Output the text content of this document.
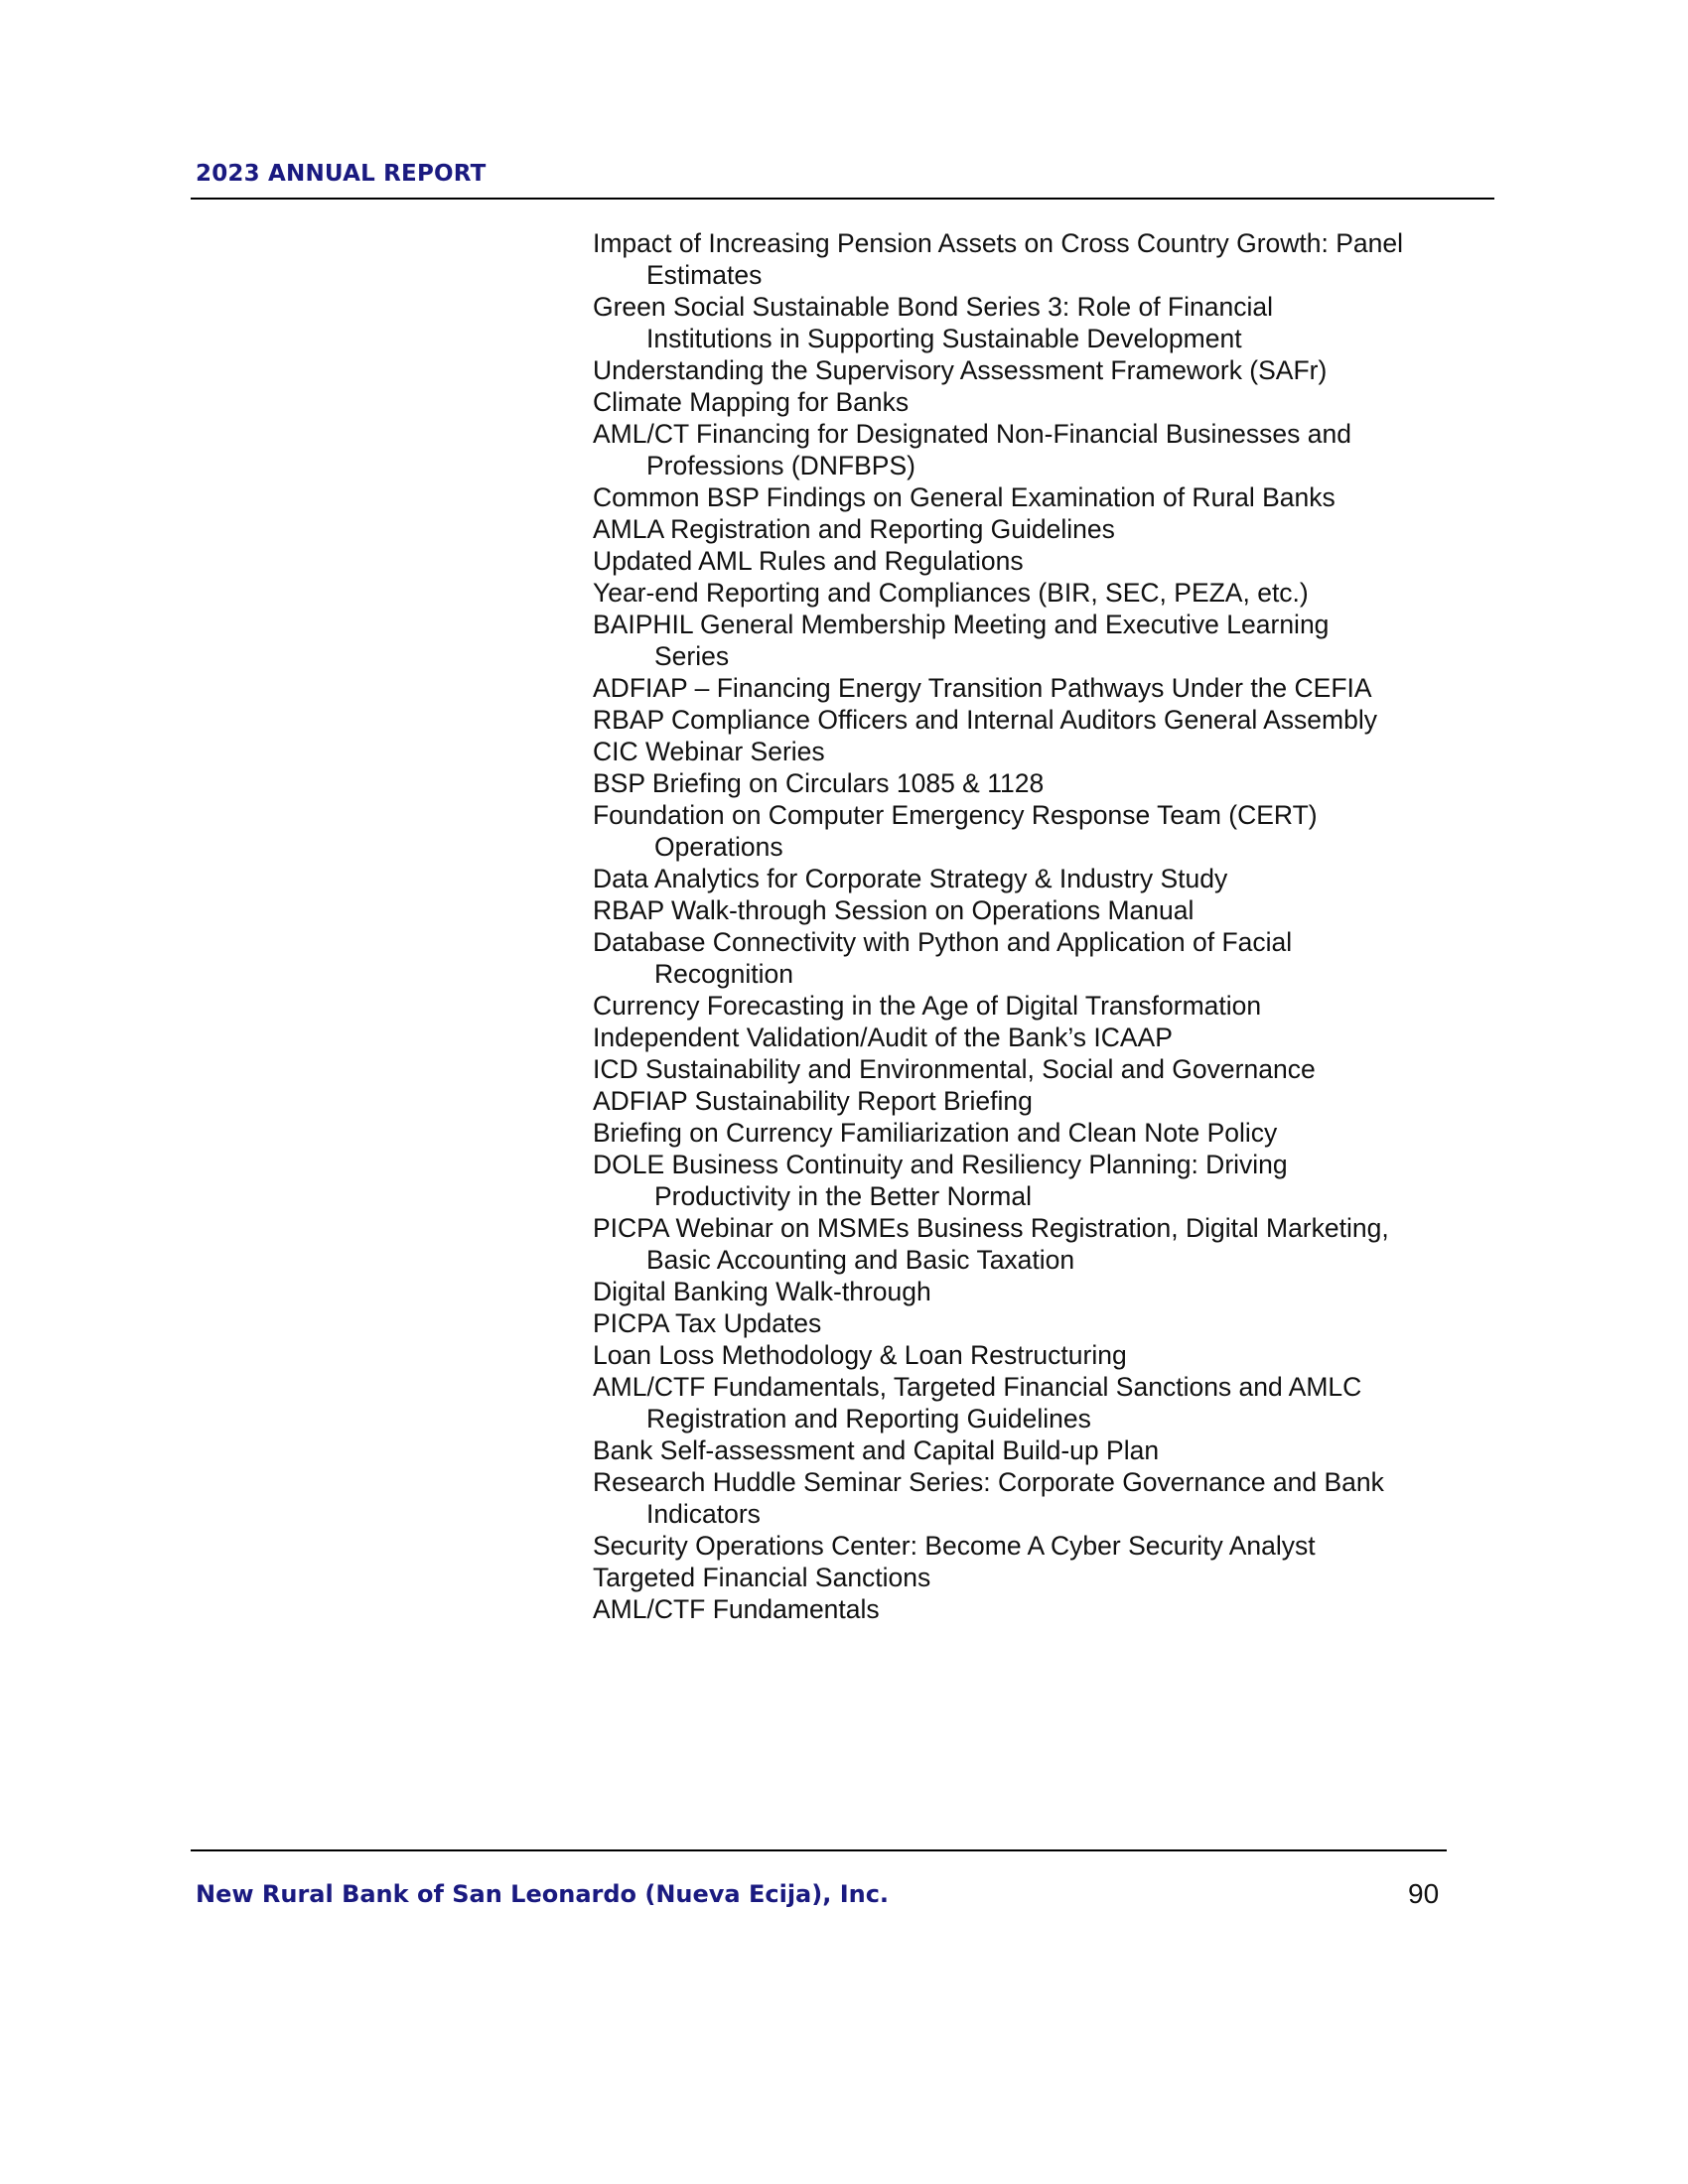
2023 ANNUAL REPORT
Impact of Increasing Pension Assets on Cross Country Growth: Panel
Estimates
Green Social Sustainable Bond Series 3: Role of Financial
Institutions in Supporting Sustainable Development
Understanding the Supervisory Assessment Framework (SAFr)
Climate Mapping for Banks
AML/CT Financing for Designated Non-Financial Businesses and
Professions (DNFBPS)
Common BSP Findings on General Examination of Rural Banks
AMLA Registration and Reporting Guidelines
Updated AML Rules and Regulations
Year-end Reporting and Compliances (BIR, SEC, PEZA, etc.)
BAIPHIL General Membership Meeting and Executive Learning
Series
ADFIAP – Financing Energy Transition Pathways Under the CEFIA
RBAP Compliance Officers and Internal Auditors General Assembly
CIC Webinar Series
BSP Briefing on Circulars 1085 & 1128
Foundation on Computer Emergency Response Team (CERT)
Operations
Data Analytics for Corporate Strategy & Industry Study
RBAP Walk-through Session on Operations Manual
Database Connectivity with Python and Application of Facial
Recognition
Currency Forecasting in the Age of Digital Transformation
Independent Validation/Audit of the Bank’s ICAAP
ICD Sustainability and Environmental, Social and Governance
ADFIAP Sustainability Report Briefing
Briefing on Currency Familiarization and Clean Note Policy
DOLE Business Continuity and Resiliency Planning: Driving
Productivity in the Better Normal
PICPA Webinar on MSMEs Business Registration, Digital Marketing,
Basic Accounting and Basic Taxation
Digital Banking Walk-through
PICPA Tax Updates
Loan Loss Methodology & Loan Restructuring
AML/CTF Fundamentals, Targeted Financial Sanctions and AMLC
Registration and Reporting Guidelines
Bank Self-assessment and Capital Build-up Plan
Research Huddle Seminar Series: Corporate Governance and Bank
Indicators
Security Operations Center: Become A Cyber Security Analyst
Targeted Financial Sanctions
AML/CTF Fundamentals
New Rural Bank of San Leonardo (Nueva Ecija), Inc.	90
